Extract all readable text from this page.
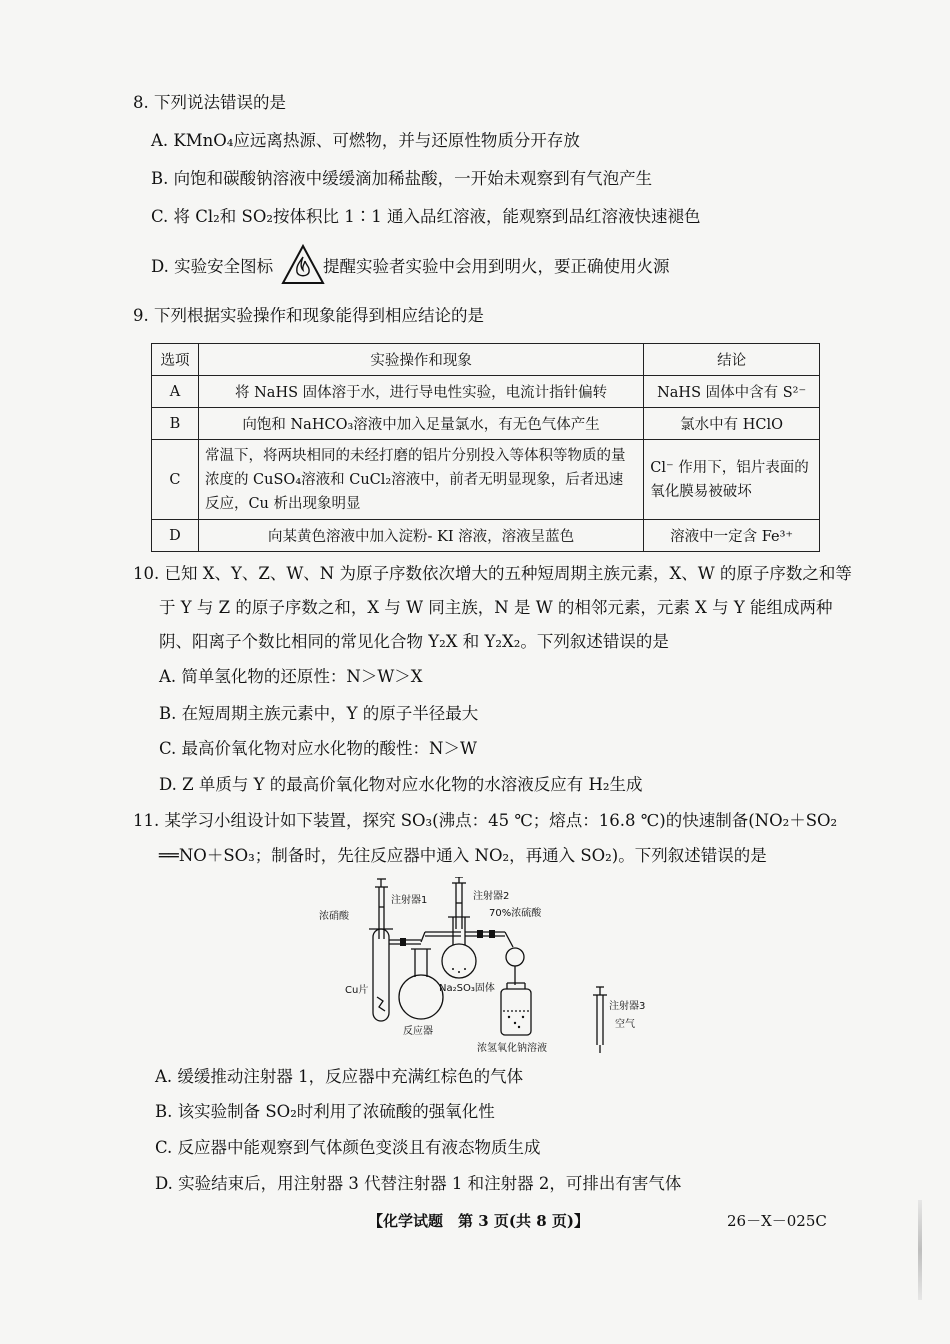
8. 下列说法错误的是
A. KMnO₄应远离热源、可燃物，并与还原性物质分开存放
B. 向饱和碳酸钠溶液中缓缓滴加稀盐酸，一开始未观察到有气泡产生
C. 将 Cl₂和 SO₂按体积比 1∶1 通入品红溶液，能观察到品红溶液快速褪色
D. 实验安全图标	提醒实验者实验中会用到明火，要正确使用火源
9. 下列根据实验操作和现象能得到相应结论的是
选项	实验操作和现象	结论
A	将 NaHS 固体溶于水，进行导电性实验，电流计指针偏转	NaHS 固体中含有 S²⁻
B	向饱和 NaHCO₃溶液中加入足量氯水，有无色气体产生	氯水中有 HClO
C	常温下，将两块相同的未经打磨的铝片分别投入等体积等物质的量浓度的 CuSO₄溶液和 CuCl₂溶液中，前者无明显现象，后者迅速反应，Cu 析出现象明显	Cl⁻ 作用下，铝片表面的氧化膜易被破坏
D	向某黄色溶液中加入淀粉- KI 溶液，溶液呈蓝色	溶液中一定含 Fe³⁺
10. 已知 X、Y、Z、W、N 为原子序数依次增大的五种短周期主族元素，X、W 的原子序数之和等
于 Y 与 Z 的原子序数之和，X 与 W 同主族，N 是 W 的相邻元素，元素 X 与 Y 能组成两种
阴、阳离子个数比相同的常见化合物 Y₂X 和 Y₂X₂。下列叙述错误的是
A. 简单氢化物的还原性：N＞W＞X
B. 在短周期主族元素中，Y 的原子半径最大
C. 最高价氧化物对应水化物的酸性：N＞W
D. Z 单质与 Y 的最高价氧化物对应水化物的水溶液反应有 H₂生成
11. 某学习小组设计如下装置，探究 SO₃(沸点：45 ℃；熔点：16.8 ℃)的快速制备(NO₂＋SO₂
══NO＋SO₃；制备时，先往反应器中通入 NO₂，再通入 SO₂)。下列叙述错误的是
注射器1
浓硝酸
注射器2
70%浓硫酸
Cu片	Na₂SO₃固体
反应器
浓氢氧化钠溶液
注射器3
空气
A. 缓缓推动注射器 1，反应器中充满红棕色的气体
B. 该实验制备 SO₂时利用了浓硫酸的强氧化性
C. 反应器中能观察到气体颜色变淡且有液态物质生成
D. 实验结束后，用注射器 3 代替注射器 1 和注射器 2，可排出有害气体
【化学试题　第 3 页(共 8 页)】	26－X－025C
